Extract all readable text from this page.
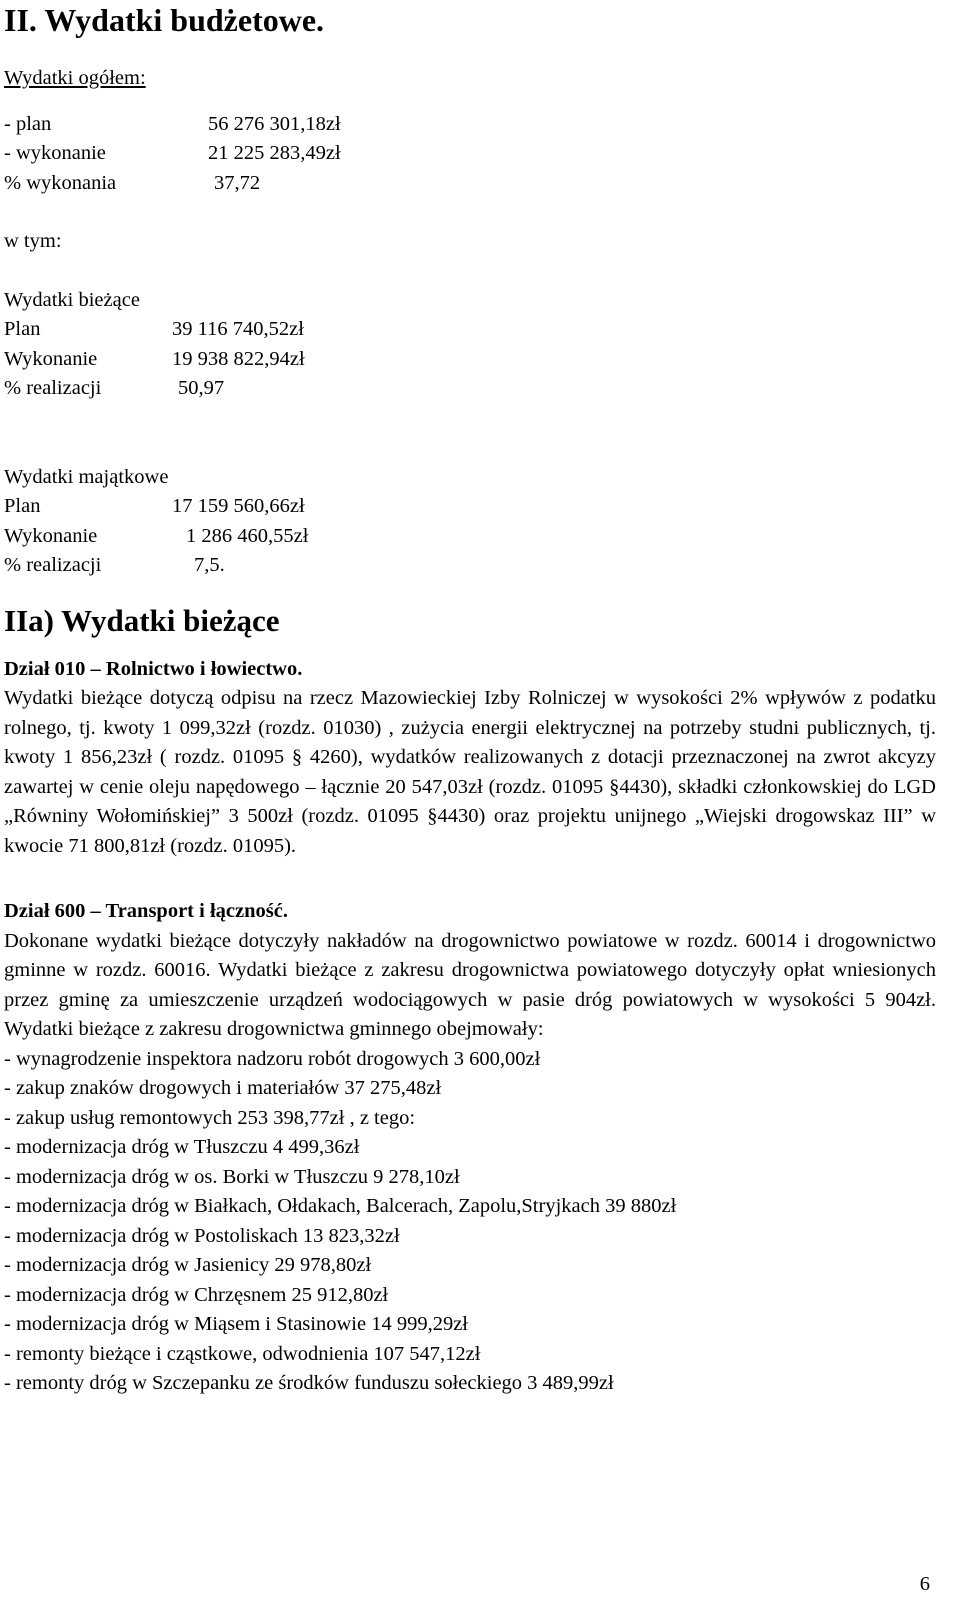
II. Wydatki budżetowe.
Wydatki ogółem:
- plan	56 276 301,18zł
- wykonanie	21 225 283,49zł
% wykonania	37,72
w tym:
Wydatki bieżące
Plan	39 116 740,52zł
Wykonanie	19 938 822,94zł
% realizacji	50,97
Wydatki majątkowe
Plan	17 159 560,66zł
Wykonanie	1 286 460,55zł
% realizacji	7,5.
IIa) Wydatki bieżące
Dział 010 – Rolnictwo i łowiectwo.

Wydatki bieżące dotyczą odpisu na rzecz Mazowieckiej Izby Rolniczej w wysokości 2% wpływów z podatku rolnego, tj. kwoty 1 099,32zł (rozdz. 01030) , zużycia energii elektrycznej na potrzeby studni publicznych, tj. kwoty 1 856,23zł ( rozdz. 01095 § 4260), wydatków realizowanych z dotacji przeznaczonej na zwrot akcyzy zawartej w cenie oleju napędowego – łącznie 20 547,03zł (rozdz. 01095 §4430), składki członkowskiej do LGD „Równiny Wołomińskiej” 3 500zł (rozdz. 01095 §4430) oraz projektu unijnego „Wiejski drogowskaz III” w kwocie 71 800,81zł (rozdz. 01095).

Dział 600 – Transport i łączność.

Dokonane wydatki bieżące dotyczyły nakładów na drogownictwo powiatowe w rozdz. 60014 i drogownictwo gminne w rozdz. 60016. Wydatki bieżące z zakresu drogownictwa powiatowego dotyczyły opłat wniesionych przez gminę za umieszczenie urządzeń wodociągowych w pasie dróg powiatowych w wysokości 5 904zł. Wydatki bieżące z zakresu drogownictwa gminnego obejmowały:

- wynagrodzenie inspektora nadzoru robót drogowych 3 600,00zł

- zakup znaków drogowych i materiałów 37 275,48zł

- zakup usług remontowych 253 398,77zł , z tego:

- modernizacja dróg w Tłuszczu 4 499,36zł

- modernizacja dróg w os. Borki w Tłuszczu 9 278,10zł

- modernizacja dróg w Białkach, Ołdakach, Balcerach, Zapolu,Stryjkach 39 880zł

- modernizacja dróg w Postoliskach 13 823,32zł

- modernizacja dróg w Jasienicy 29 978,80zł

- modernizacja dróg w Chrzęsnem 25 912,80zł

- modernizacja dróg w Miąsem i Stasinowie 14 999,29zł

- remonty bieżące i cząstkowe, odwodnienia 107 547,12zł

- remonty dróg w Szczepanku ze środków funduszu sołeckiego 3 489,99zł

6
